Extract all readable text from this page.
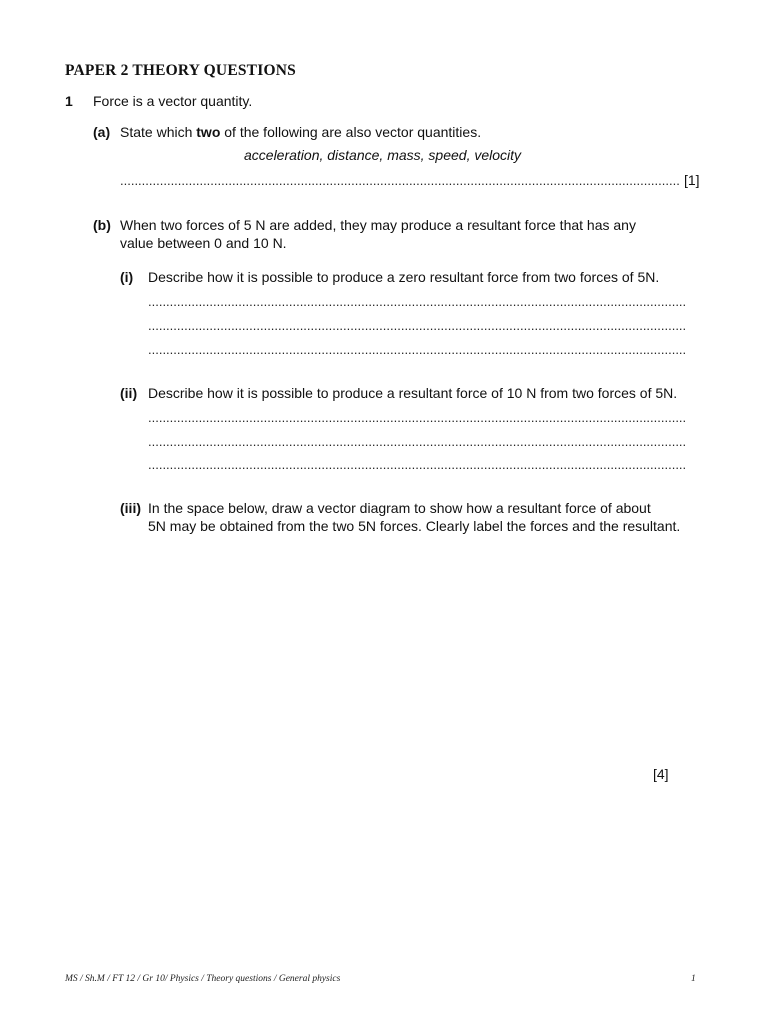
PAPER 2 THEORY QUESTIONS
1 Force is a vector quantity.
(a) State which two of the following are also vector quantities.
acceleration, distance, mass, speed, velocity
.....
[1]
(b) When two forces of 5 N are added, they may produce a resultant force that has any
value between 0 and 10 N.
(i) Describe how it is possible to produce a zero resultant force from two forces of 5N.
.....
.....
.....
(ii) Describe how it is possible to produce a resultant force of 10 N from two forces of 5N.
.....
.....
.....
(iii) In the space below, draw a vector diagram to show how a resultant force of about
5N may be obtained from the two 5N forces. Clearly label the forces and the resultant.
[4]
MS / Sh.M / FT 12 / Gr 10/ Physics / Theory questions / General physics	1
